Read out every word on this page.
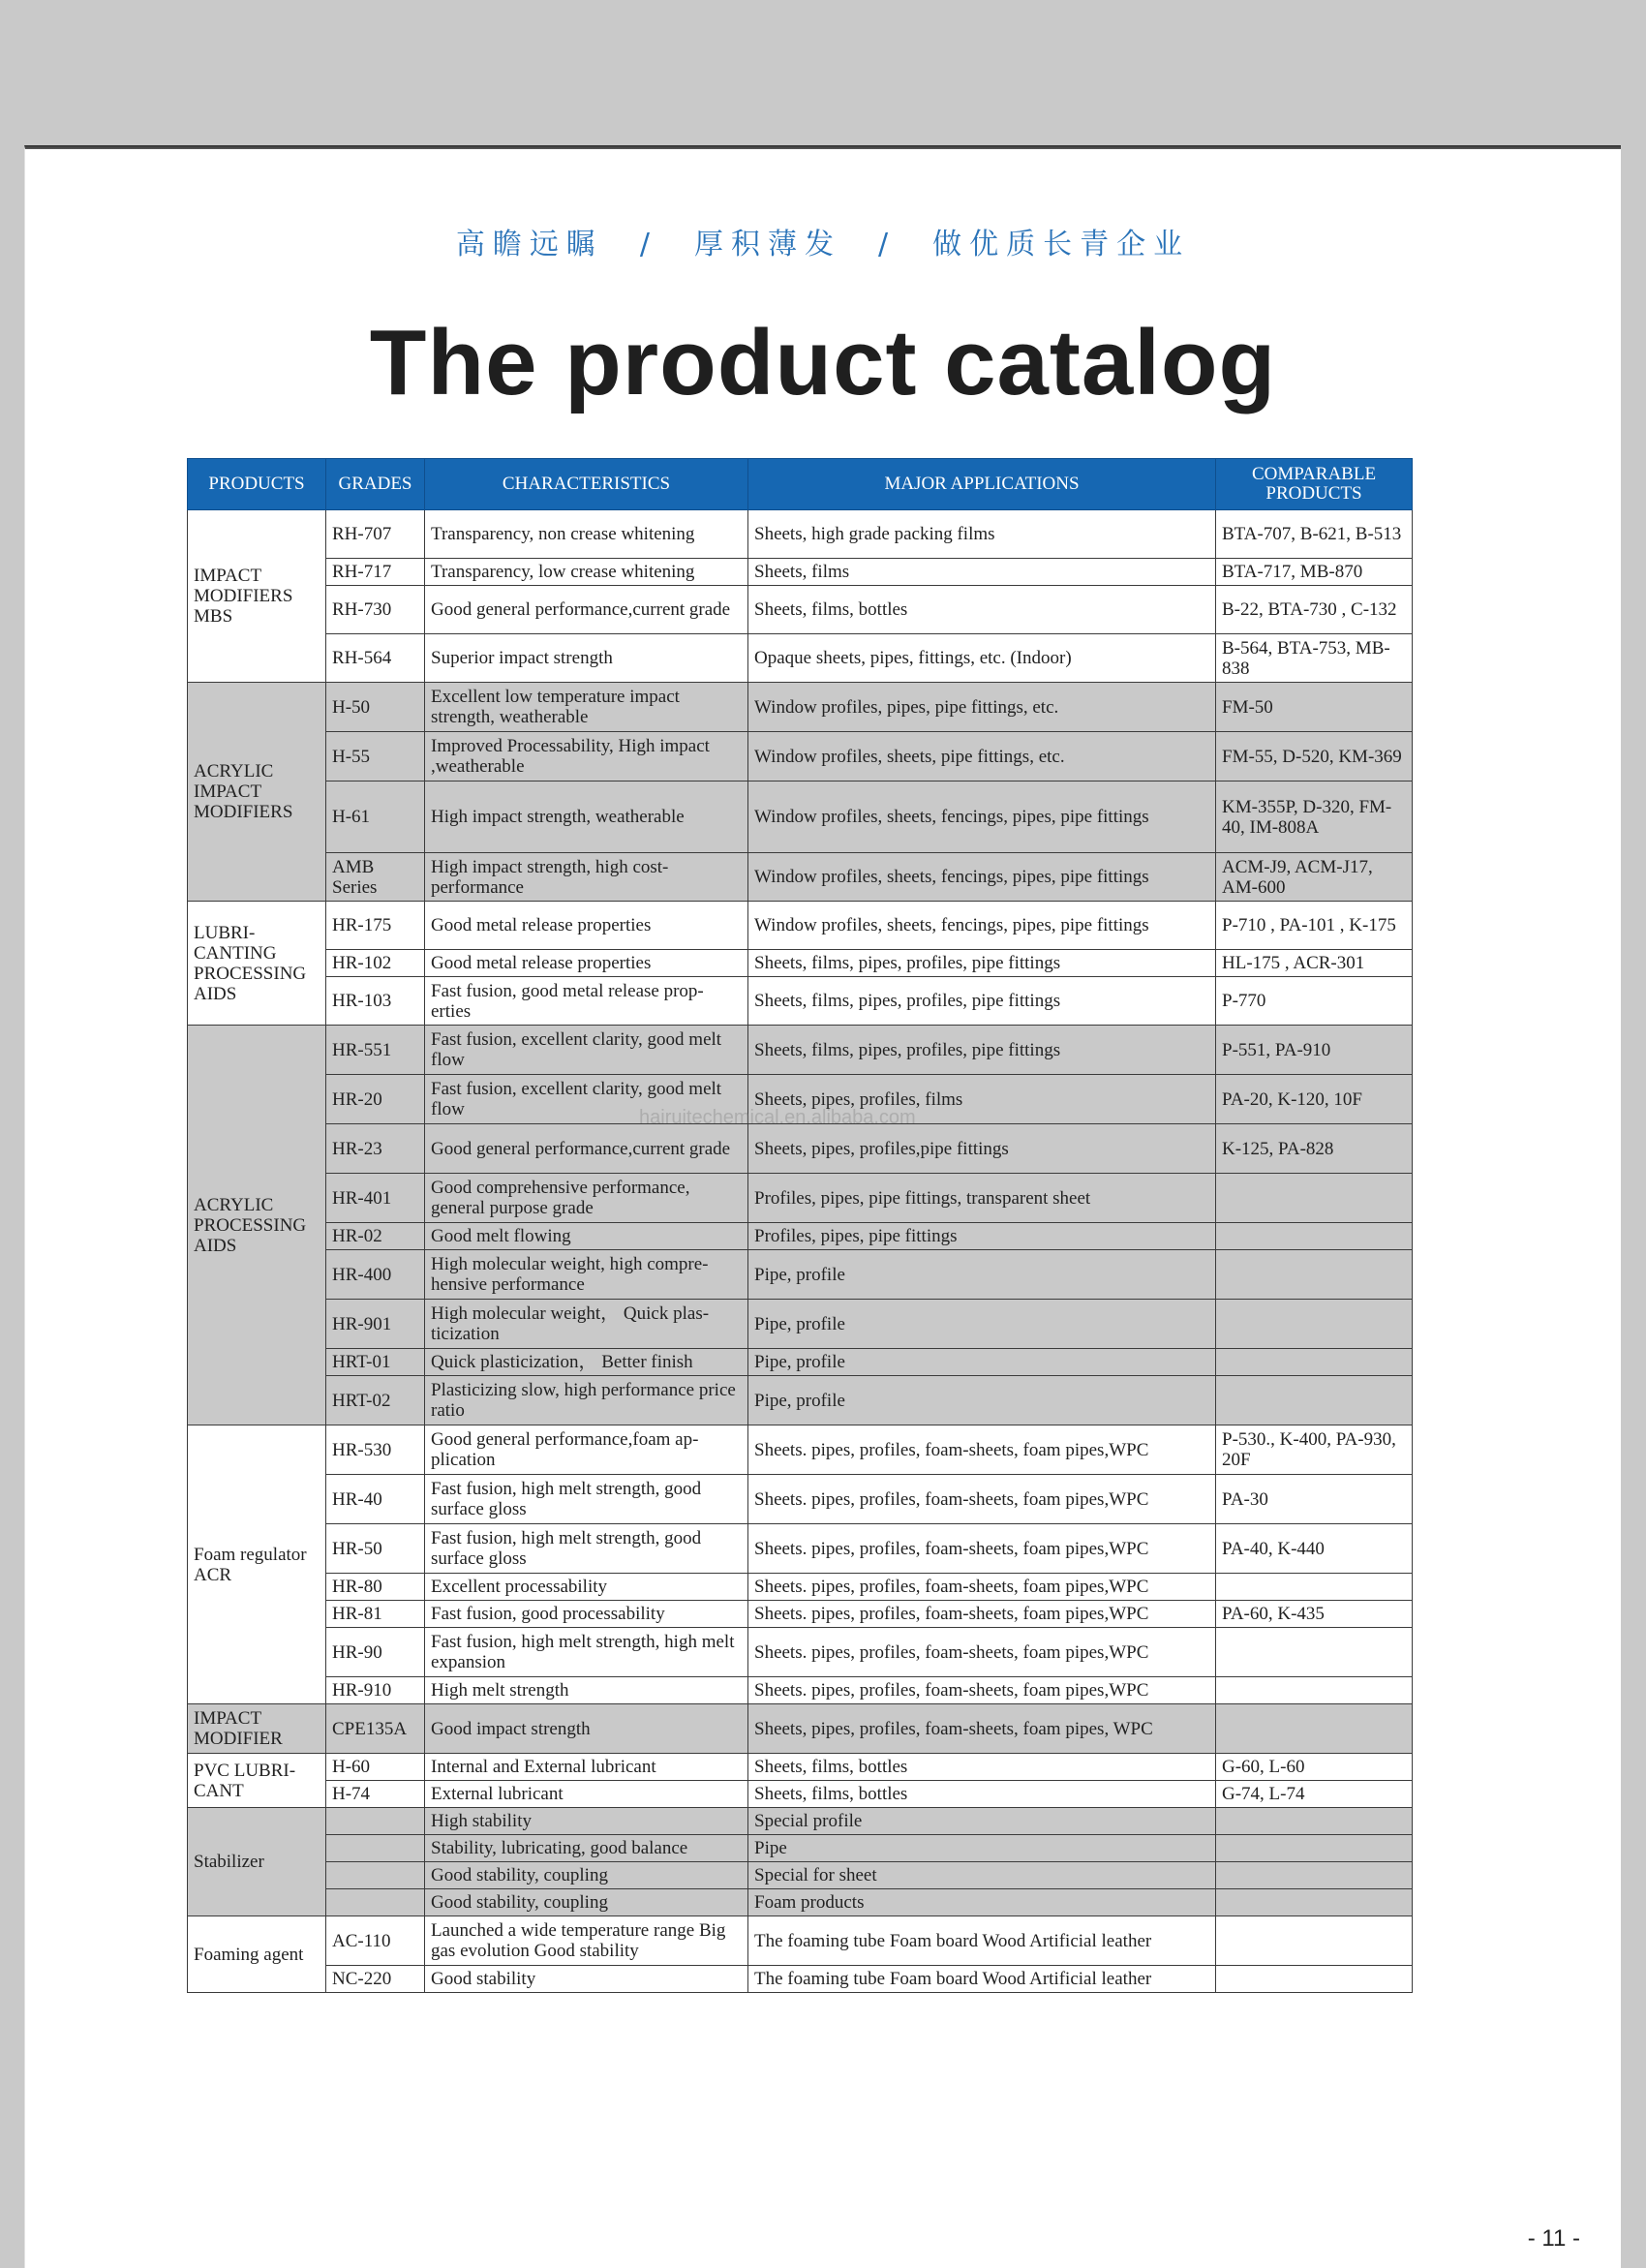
高瞻远瞩　/　厚积薄发　/　做优质长青企业
The product catalog
PRODUCTS	GRADES	CHARACTERISTICS	MAJOR APPLICATIONS	COMPARABLE PRODUCTS
IMPACT MODIFIERS MBS	RH-707	Transparency, non crease whitening	Sheets, high grade packing films	BTA-707, B-621, B-513
	RH-717	Transparency, low crease whitening	Sheets, films	BTA-717, MB-870
	RH-730	Good general performance,current grade	Sheets, films, bottles	B-22, BTA-730 , C-132
	RH-564	Superior impact strength	Opaque sheets, pipes, fittings, etc. (Indoor)	B-564, BTA-753, MB-838
ACRYLIC IMPACT MODIFIERS	H-50	Excellent low temperature impact strength, weatherable	Window profiles, pipes, pipe fittings, etc.	FM-50
	H-55	Improved Processability, High impact ,weatherable	Window profiles, sheets, pipe fittings, etc.	FM-55, D-520, KM-369
	H-61	High impact strength, weatherable	Window profiles, sheets, fencings, pipes, pipe fittings	KM-355P, D-320, FM-40, IM-808A
	AMB Series	High impact strength, high cost-performance	Window profiles, sheets, fencings, pipes, pipe fittings	ACM-J9, ACM-J17, AM-600
LUBRI- CANTING PROCESSING AIDS	HR-175	Good metal release properties	Window profiles, sheets, fencings, pipes, pipe fittings	P-710 , PA-101 , K-175
	HR-102	Good metal release properties	Sheets, films, pipes, profiles, pipe fittings	HL-175 , ACR-301
	HR-103	Fast fusion, good metal release prop-erties	Sheets, films, pipes, profiles, pipe fittings	P-770
ACRYLIC PROCESSING AIDS	HR-551	Fast fusion, excellent clarity, good melt flow	Sheets, films, pipes, profiles, pipe fittings	P-551, PA-910
	HR-20	Fast fusion, excellent clarity, good melt flow	Sheets, pipes, profiles, films	PA-20, K-120, 10F
	HR-23	Good general performance,current grade	Sheets, pipes, profiles,pipe fittings	K-125, PA-828
	HR-401	Good comprehensive performance, general purpose grade	Profiles, pipes, pipe fittings, transparent sheet	
	HR-02	Good melt flowing	Profiles, pipes, pipe fittings	
	HR-400	High molecular weight, high compre-hensive performance	Pipe, profile	
	HR-901	High molecular weight， Quick plas-ticization	Pipe, profile	
	HRT-01	Quick plasticization， Better finish	Pipe, profile	
	HRT-02	Plasticizing slow, high performance price ratio	Pipe, profile	
Foam regulator ACR	HR-530	Good general performance,foam ap-plication	Sheets. pipes, profiles, foam-sheets, foam pipes,WPC	P-530., K-400, PA-930, 20F
	HR-40	Fast fusion, high melt strength, good surface gloss	Sheets. pipes, profiles, foam-sheets, foam pipes,WPC	PA-30
	HR-50	Fast fusion, high melt strength, good surface gloss	Sheets. pipes, profiles, foam-sheets, foam pipes,WPC	PA-40, K-440
	HR-80	Excellent processability	Sheets. pipes, profiles, foam-sheets, foam pipes,WPC	
	HR-81	Fast fusion, good processability	Sheets. pipes, profiles, foam-sheets, foam pipes,WPC	PA-60, K-435
	HR-90	Fast fusion, high melt strength, high melt expansion	Sheets. pipes, profiles, foam-sheets, foam pipes,WPC	
	HR-910	High melt strength	Sheets. pipes, profiles, foam-sheets, foam pipes,WPC	
IMPACT MODIFIER	CPE135A	Good impact strength	Sheets, pipes, profiles, foam-sheets, foam pipes, WPC	
PVC LUBRI- CANT	H-60	Internal and External lubricant	Sheets, films, bottles	G-60, L-60
	H-74	External lubricant	Sheets, films, bottles	G-74, L-74
Stabilizer		High stability	Special profile	
		Stability, lubricating, good balance	Pipe	
		Good stability, coupling	Special for sheet	
		Good stability, coupling	Foam products	
Foaming agent	AC-110	Launched a wide temperature range Big gas evolution Good stability	The foaming tube Foam board Wood Artificial leather	
	NC-220	Good stability	The foaming tube Foam board Wood Artificial leather	
hairuitechemical.en.alibaba.com
- 11 -
